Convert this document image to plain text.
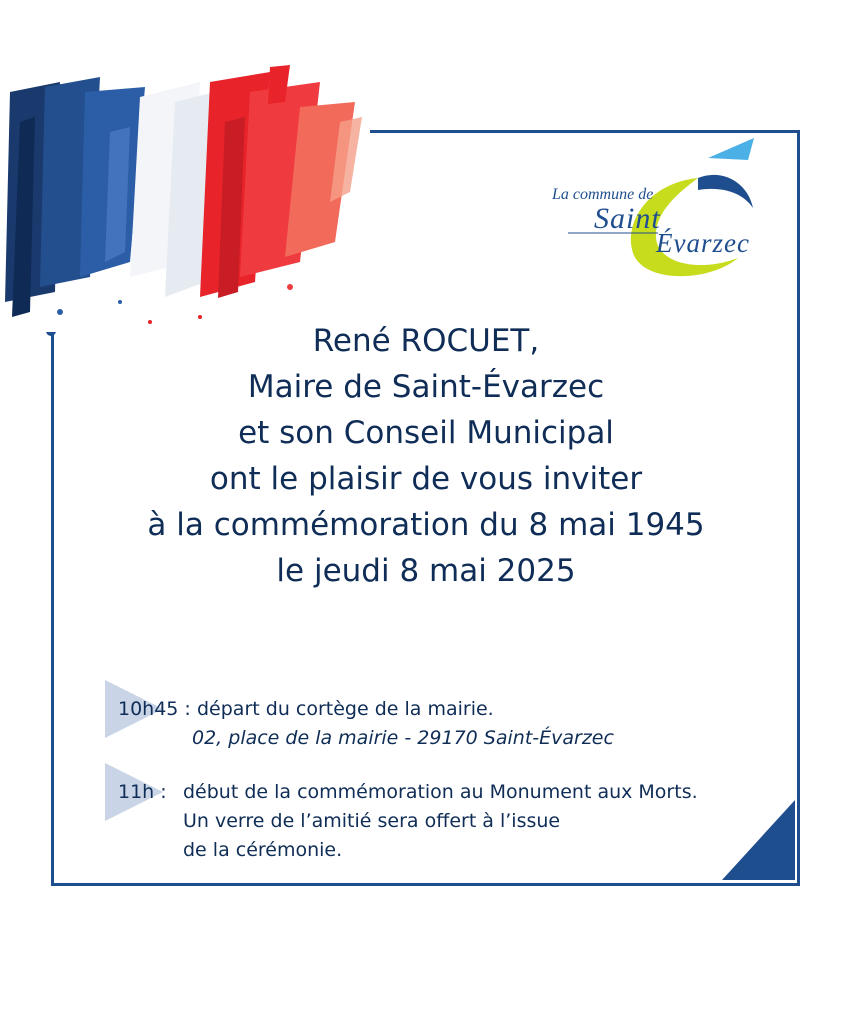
La commune de
Saint
Évarzec
René ROCUET,
Maire de Saint-Évarzec
et son Conseil Municipal
ont le plaisir de vous inviter
à la commémoration du 8 mai 1945
le jeudi 8 mai 2025
10h45 : départ du cortège de la mairie.
02, place de la mairie - 29170 Saint-Évarzec
11h : début de la commémoration au Monument aux Morts.
Un verre de l’amitié sera offert à l’issue
de la cérémonie.
